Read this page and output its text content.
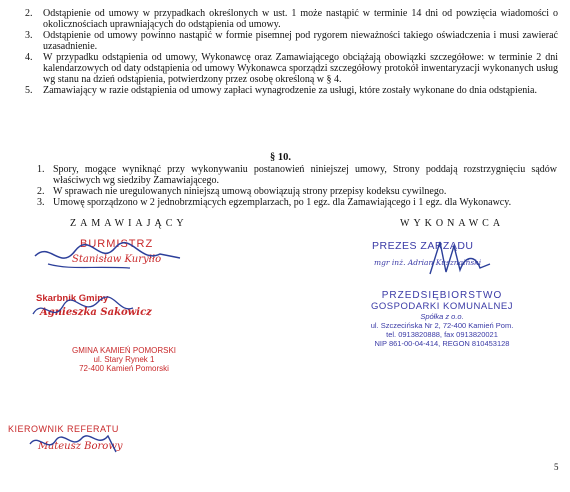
2. Odstąpienie od umowy w przypadkach określonych w ust. 1 może nastąpić w terminie 14 dni od powzięcia wiadomości o okolicznościach uprawniających do odstąpienia od umowy.
3. Odstąpienie od umowy powinno nastąpić w formie pisemnej pod rygorem nieważności takiego oświadczenia i musi zawierać uzasadnienie.
4. W przypadku odstąpienia od umowy, Wykonawcę oraz Zamawiającego obciążają obowiązki szczegółowe: w terminie 2 dni kalendarzowych od daty odstąpienia od umowy Wykonawca sporządzi szczegółowy protokół inwentaryzacji wykonanych usług wg stanu na dzień odstąpienia, potwierdzony przez osobę określoną w § 4.
5. Zamawiający w razie odstąpienia od umowy zapłaci wynagrodzenie za usługi, które zostały wykonane do dnia odstąpienia.
§ 10.
1. Spory, mogące wyniknąć przy wykonywaniu postanowień niniejszej umowy, Strony poddają rozstrzygnięciu sądów właściwych wg siedziby Zamawiającego.
2. W sprawach nie uregulowanych niniejszą umową obowiązują strony przepisy kodeksu cywilnego.
3. Umowę sporządzono w 2 jednobrzmiących egzemplarzach, po 1 egz. dla Zamawiającego i 1 egz. dla Wykonawcy.
ZAMAWIAJĄCY	WYKONAWCA
BURMISTRZ
Stanisław Kuryłło
Skarbnik Gminy
Agnieszka Sakowicz
GMINA KAMIEŃ POMORSKI
ul. Stary Rynek 1
72-400 Kamień Pomorski
PREZES ZARZĄDU
mgr inż. Adrian Kusznaiński
PRZEDSIĘBIORSTWO
GOSPODARKI KOMUNALNEJ
Spółka z o.o.
ul. Szczecińska Nr 2, 72-400 Kamień Pom.
tel. 0913820888, fax 0913820021
NIP 861-00-04-414, REGON 810453128
KIEROWNIK REFERATU
Mateusz Borowy
5
